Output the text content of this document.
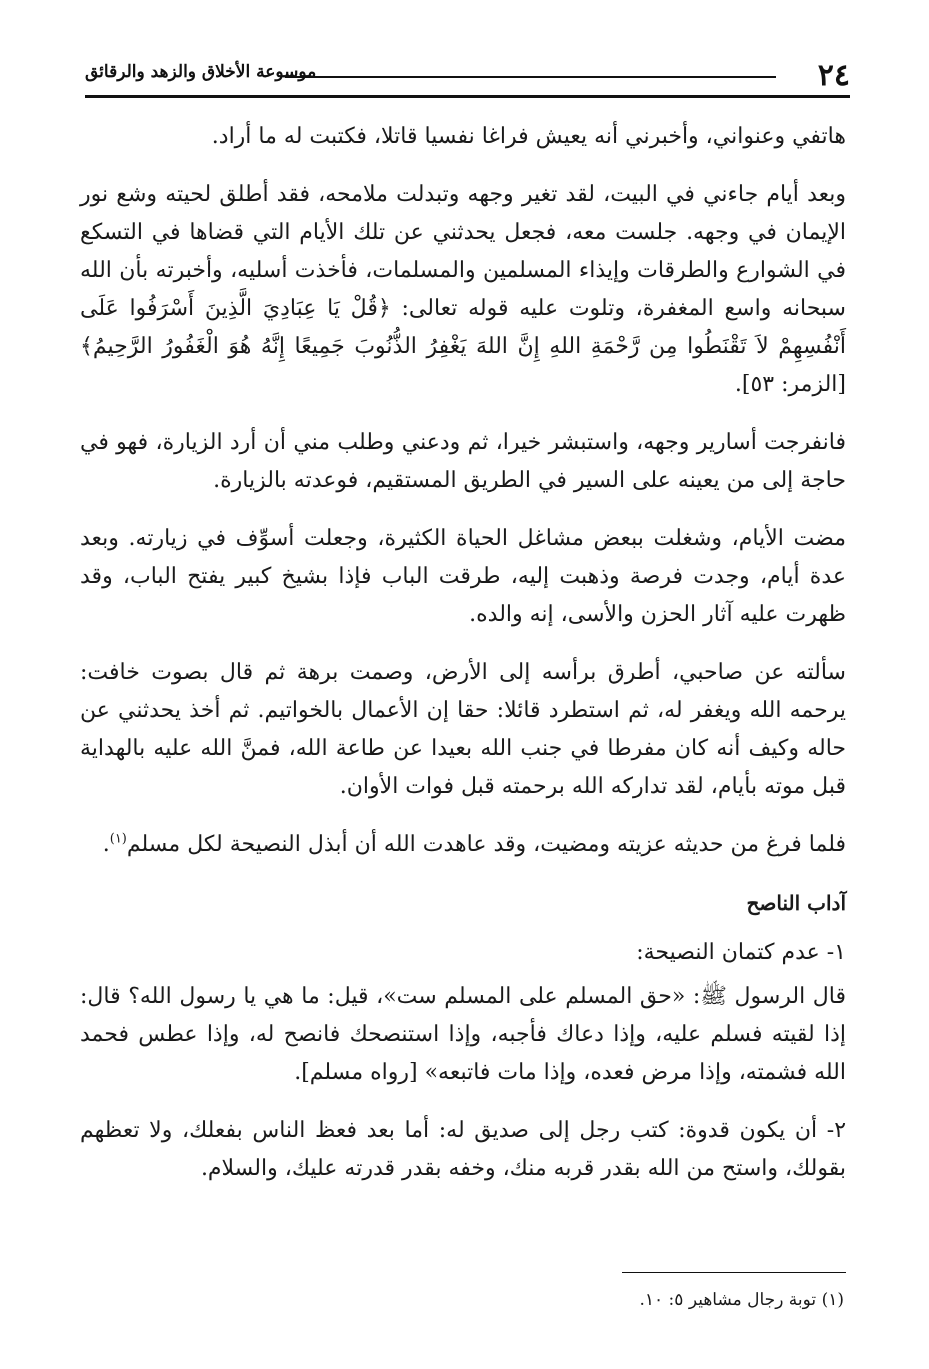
٢٤
موسوعة الأخلاق والزهد والرقائق

هاتفي وعنواني، وأخبرني أنه يعيش فراغا نفسيا قاتلا، فكتبت له ما أراد.

وبعد أيام جاءني في البيت، لقد تغير وجهه وتبدلت ملامحه، فقد أطلق لحيته وشع نور الإيمان في وجهه. جلست معه، فجعل يحدثني عن تلك الأيام التي قضاها في التسكع في الشوارع والطرقات وإيذاء المسلمين والمسلمات، فأخذت أسليه، وأخبرته بأن الله سبحانه واسع المغفرة، وتلوت عليه قوله تعالى: ﴿قُلْ يَا عِبَادِيَ الَّذِينَ أَسْرَفُوا عَلَى أَنْفُسِهِمْ لاَ تَقْنَطُوا مِن رَّحْمَةِ اللهِ إِنَّ اللهَ يَغْفِرُ الذُّنُوبَ جَمِيعًا إِنَّهُ هُوَ الْغَفُورُ الرَّحِيمُ﴾ [الزمر: ٥٣].

فانفرجت أسارير وجهه، واستبشر خيرا، ثم ودعني وطلب مني أن أرد الزيارة، فهو في حاجة إلى من يعينه على السير في الطريق المستقيم، فوعدته بالزيارة.

مضت الأيام، وشغلت ببعض مشاغل الحياة الكثيرة، وجعلت أسوِّف في زيارته. وبعد عدة أيام، وجدت فرصة وذهبت إليه، طرقت الباب فإذا بشيخ كبير يفتح الباب، وقد ظهرت عليه آثار الحزن والأسى، إنه والده.

سألته عن صاحبي، أطرق برأسه إلى الأرض، وصمت برهة ثم قال بصوت خافت: يرحمه الله ويغفر له، ثم استطرد قائلا: حقا إن الأعمال بالخواتيم. ثم أخذ يحدثني عن حاله وكيف أنه كان مفرطا في جنب الله بعيدا عن طاعة الله، فمنَّ الله عليه بالهداية قبل موته بأيام، لقد تداركه الله برحمته قبل فوات الأوان.

فلما فرغ من حديثه عزيته ومضيت، وقد عاهدت الله أن أبذل النصيحة لكل مسلم$^{(١)}$.

آداب الناصح

١- عدم كتمان النصيحة:

قال الرسول ﷺ: «حق المسلم على المسلم ست»، قيل: ما هي يا رسول الله؟ قال: إذا لقيته فسلم عليه، وإذا دعاك فأجبه، وإذا استنصحك فانصح له، وإذا عطس فحمد الله فشمته، وإذا مرض فعده، وإذا مات فاتبعه» [رواه مسلم].

٢- أن يكون قدوة: كتب رجل إلى صديق له: أما بعد فعظ الناس بفعلك، ولا تعظهم بقولك، واستح من الله بقدر قربه منك، وخفه بقدر قدرته عليك، والسلام.

(١) توبة رجال مشاهير ٥: ١٠.
